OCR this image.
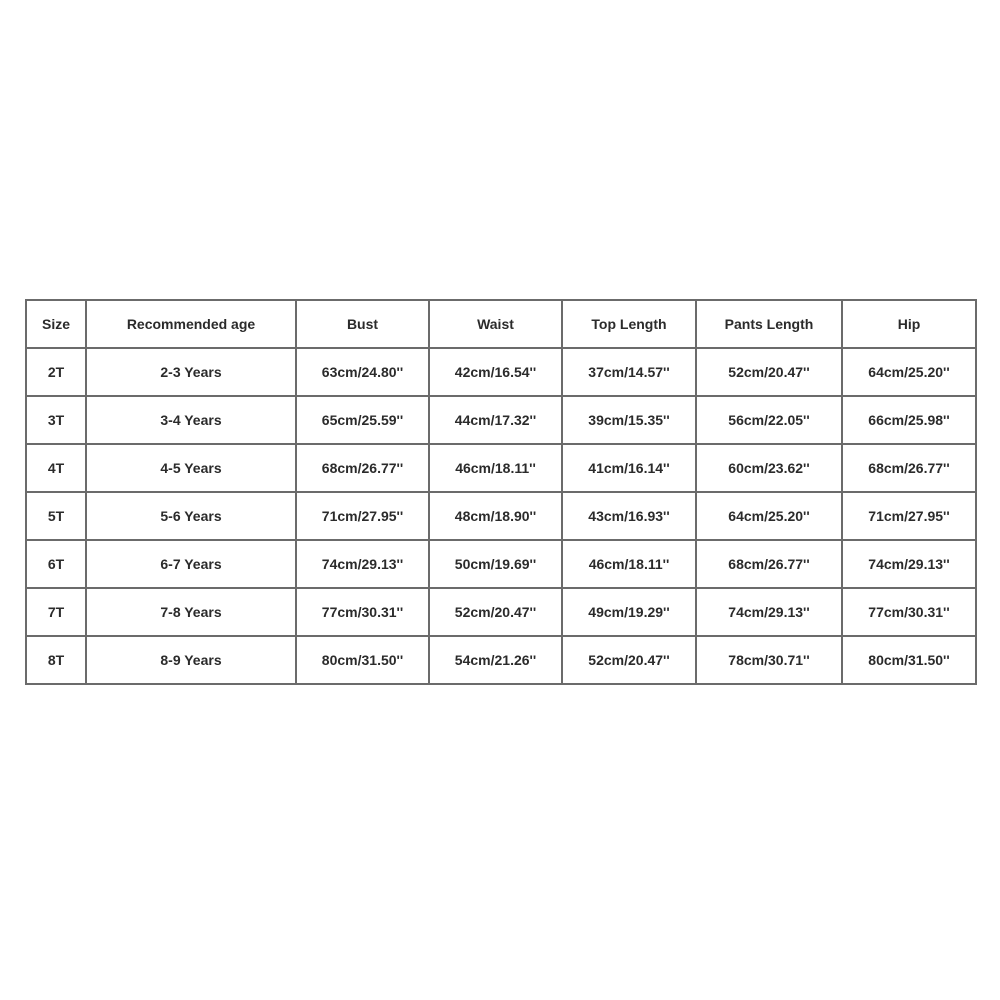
Size	Recommended age	Bust	Waist	Top Length	Pants Length	Hip
2T	2-3 Years	63cm/24.80''	42cm/16.54''	37cm/14.57''	52cm/20.47''	64cm/25.20''
3T	3-4 Years	65cm/25.59''	44cm/17.32''	39cm/15.35''	56cm/22.05''	66cm/25.98''
4T	4-5 Years	68cm/26.77''	46cm/18.11''	41cm/16.14''	60cm/23.62''	68cm/26.77''
5T	5-6 Years	71cm/27.95''	48cm/18.90''	43cm/16.93''	64cm/25.20''	71cm/27.95''
6T	6-7 Years	74cm/29.13''	50cm/19.69''	46cm/18.11''	68cm/26.77''	74cm/29.13''
7T	7-8 Years	77cm/30.31''	52cm/20.47''	49cm/19.29''	74cm/29.13''	77cm/30.31''
8T	8-9 Years	80cm/31.50''	54cm/21.26''	52cm/20.47''	78cm/30.71''	80cm/31.50''
